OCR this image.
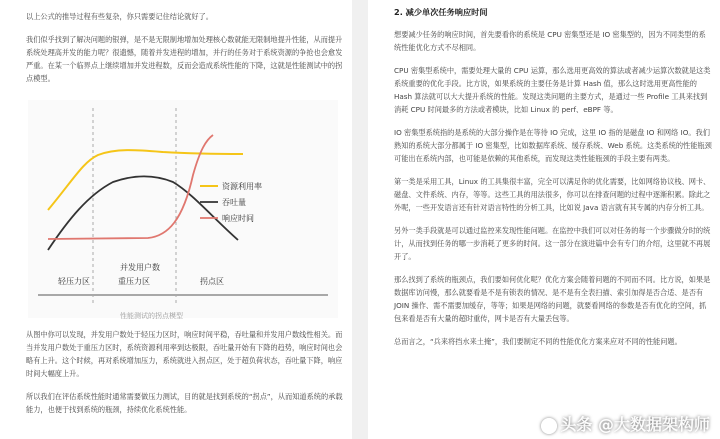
以上公式的推导过程有些复杂，你只需要记住结论就好了。

我们似乎找到了解决问题的银弹，是不是无限制地增加处理核心数就能无限制地提升性能，从而提升系统处理高并发的能力呢？很遗憾，随着并发进程的增加，并行的任务对于系统资源的争抢也会愈发严重。在某一个临界点上继续增加并发进程数，反而会造成系统性能的下降，这就是性能测试中的拐点模型。

资源利用率
吞吐量
响应时间
轻压力区
并发用户数
重压力区	拐点区
性能测试的拐点模型

从图中你可以发现，并发用户数处于轻压力区时，响应时间平稳，吞吐量和并发用户数线性相关。而当并发用户数处于重压力区时，系统资源利用率到达极限，吞吐量开始有下降的趋势，响应时间也会略有上升。这个时候，再对系统增加压力，系统就进入拐点区，处于超负荷状态，吞吐量下降，响应时间大幅度上升。

所以我们在评估系统性能时通常需要做压力测试，目的就是找到系统的“拐点”，从而知道系统的承载能力，也便于找到系统的瓶颈，持续优化系统性能。

2. 减少单次任务响应时间

想要减少任务的响应时间，首先要看你的系统是 CPU 密集型还是 IO 密集型的，因为不同类型的系统性能优化方式不尽相同。

CPU 密集型系统中，需要处理大量的 CPU 运算，那么选用更高效的算法或者减少运算次数就是这类系统重要的优化手段。比方说，如果系统的主要任务是计算 Hash 值，那么这时选用更高性能的 Hash 算法就可以大大提升系统的性能。发现这类问题的主要方式，是通过一些 Profile 工具来找到消耗 CPU 时间最多的方法或者模块，比如 Linux 的 perf、eBPF 等。

IO 密集型系统指的是系统的大部分操作是在等待 IO 完成，这里 IO 指的是磁盘 IO 和网络 IO。我们熟知的系统大部分都属于 IO 密集型，比如数据库系统、缓存系统、Web 系统。这类系统的性能瓶颈可能出在系统内部，也可能是依赖的其他系统，而发现这类性能瓶颈的手段主要有两类。

第一类是采用工具，Linux 的工具集很丰富，完全可以满足你的优化需要，比如网络协议栈、网卡、磁盘、文件系统、内存，等等。这些工具的用法很多，你可以在排查问题的过程中逐渐积累。除此之外呢，一些开发语言还有针对语言特性的分析工具，比如说 Java 语言就有其专属的内存分析工具。

另外一类手段就是可以通过监控来发现性能问题。在监控中我们可以对任务的每一个步骤做分时的统计，从而找到任务的哪一步消耗了更多的时间。这一部分在演进篇中会有专门的介绍，这里就不再展开了。

那么找到了系统的瓶颈点，我们要如何优化呢？优化方案会随着问题的不同而不同。比方说，如果是数据库访问慢，那么就要看是不是有锁表的情况、是不是有全表扫描、索引加得是否合适、是否有 JOIN 操作、需不需要加缓存，等等；如果是网络的问题，就要看网络的参数是否有优化的空间，抓包来看是否有大量的超时重传，网卡是否有大量丢包等。

总而言之，“兵来将挡水来土掩”，我们要制定不同的性能优化方案来应对不同的性能问题。

头条 @大数据架构师
